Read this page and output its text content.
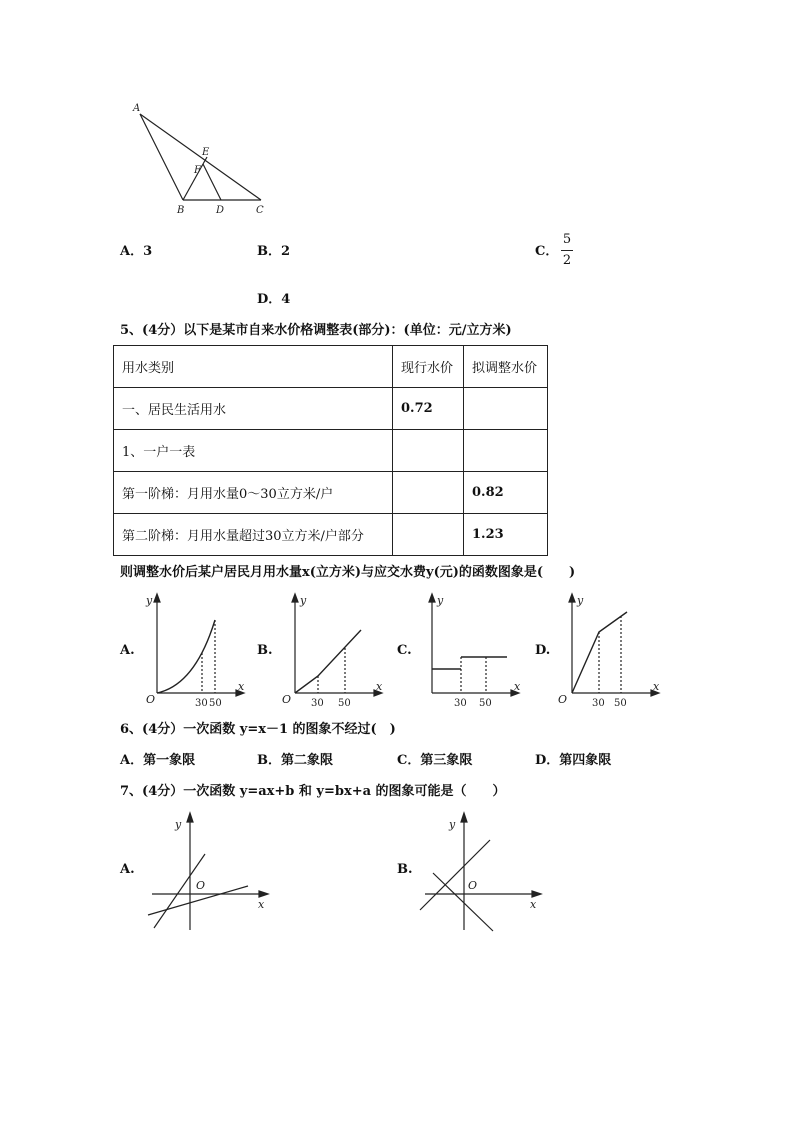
A
E
F
B	D	C
A．3	B．2	C．
5
2
D．4
5、(4分）以下是某市自来水价格调整表(部分)：(单位：元/立方米)
用水类别	现行水价	拟调整水价
一、居民生活用水	0.72	
1、一户一表		
第一阶梯：月用水量0～30立方米/户		0.82
第二阶梯：月用水量超过30立方米/户部分		1.23
则调整水价后某户居民月用水量x(立方米)与应交水费y(元)的函数图象是(　　)
A.	B.	C.	D.
y
x
O	30 50
y
x
O 30 50
y
x
30 50
y
x
O 30 50
6、(4分）一次函数 y=x－1 的图象不经过(　)
A．第一象限	B．第二象限	C．第三象限	D．第四象限
7、(4分）一次函数 y=ax+b 和 y=bx+a 的图象可能是（　　）
A.	B.
y
x
O
y
x
O
